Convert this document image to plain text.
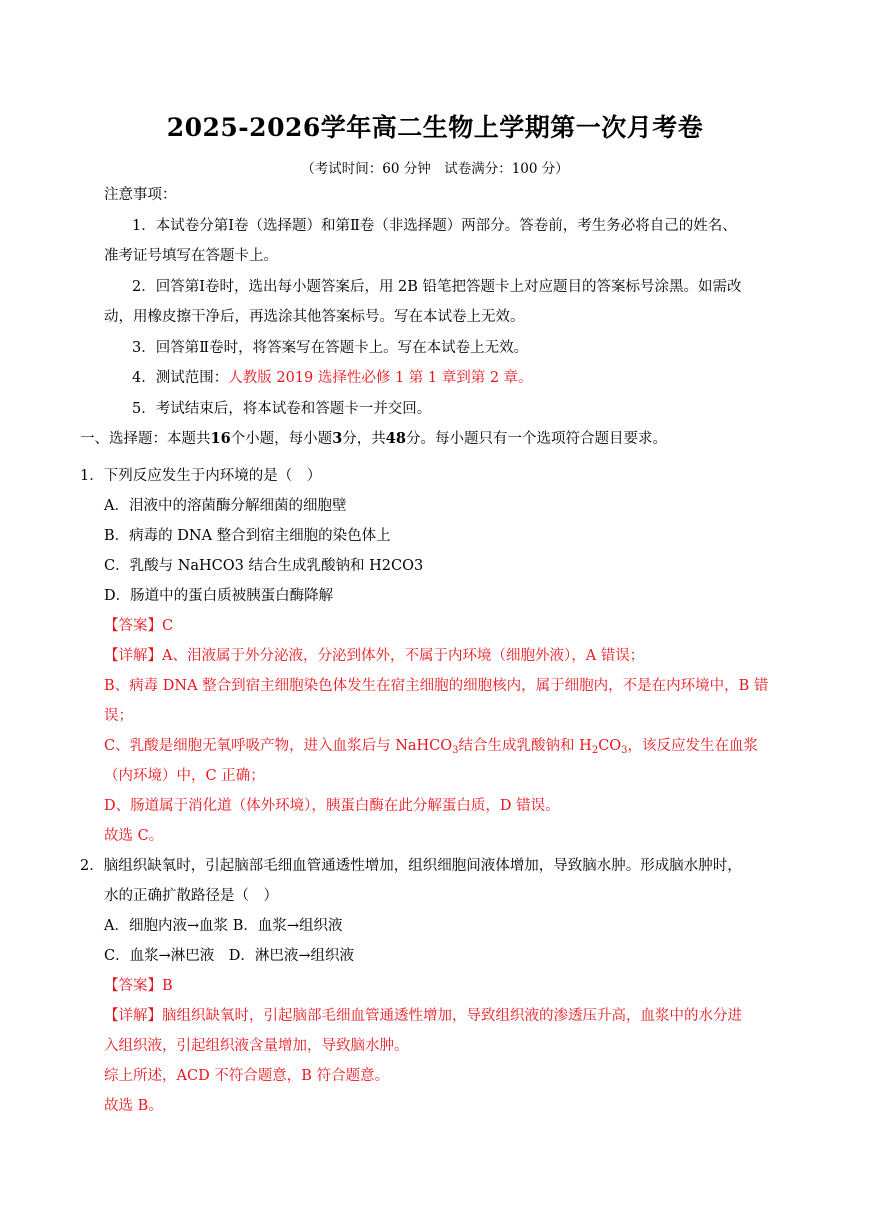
2025-2026学年高二生物上学期第一次月考卷
（考试时间：60 分钟　试卷满分：100 分）
注意事项：
1．本试卷分第Ⅰ卷（选择题）和第Ⅱ卷（非选择题）两部分。答卷前，考生务必将自己的姓名、
准考证号填写在答题卡上。
2．回答第Ⅰ卷时，选出每小题答案后，用 2B 铅笔把答题卡上对应题目的答案标号涂黑。如需改
动，用橡皮擦干净后，再选涂其他答案标号。写在本试卷上无效。
3．回答第Ⅱ卷时，将答案写在答题卡上。写在本试卷上无效。
4．测试范围：人教版 2019 选择性必修 1 第 1 章到第 2 章。
5．考试结束后，将本试卷和答题卡一并交回。
一、选择题：本题共16个小题，每小题3分，共48分。每小题只有一个选项符合题目要求。
1．下列反应发生于内环境的是（　）
A．泪液中的溶菌酶分解细菌的细胞壁
B．病毒的 DNA 整合到宿主细胞的染色体上
C．乳酸与 NaHCO3 结合生成乳酸钠和 H2CO3
D．肠道中的蛋白质被胰蛋白酶降解
【答案】C
【详解】A、泪液属于外分泌液，分泌到体外，不属于内环境（细胞外液），A 错误；
B、病毒 DNA 整合到宿主细胞染色体发生在宿主细胞的细胞核内，属于细胞内，不是在内环境中，B 错
误；
C、乳酸是细胞无氧呼吸产物，进入血浆后与 NaHCO$_3$结合生成乳酸钠和 $H_2CO_3$，该反应发生在血浆
（内环境）中，C 正确；
D、肠道属于消化道（体外环境），胰蛋白酶在此分解蛋白质，D 错误。
故选 C。
2．脑组织缺氧时，引起脑部毛细血管通透性增加，组织细胞间液体增加，导致脑水肿。形成脑水肿时，
水的正确扩散路径是（　）
A．细胞内液→血浆 B．血浆→组织液
C．血浆→淋巴液　D．淋巴液→组织液
【答案】B
【详解】脑组织缺氧时，引起脑部毛细血管通透性增加，导致组织液的渗透压升高，血浆中的水分进
入组织液，引起组织液含量增加，导致脑水肿。
综上所述，ACD 不符合题意，B 符合题意。
故选 B。
